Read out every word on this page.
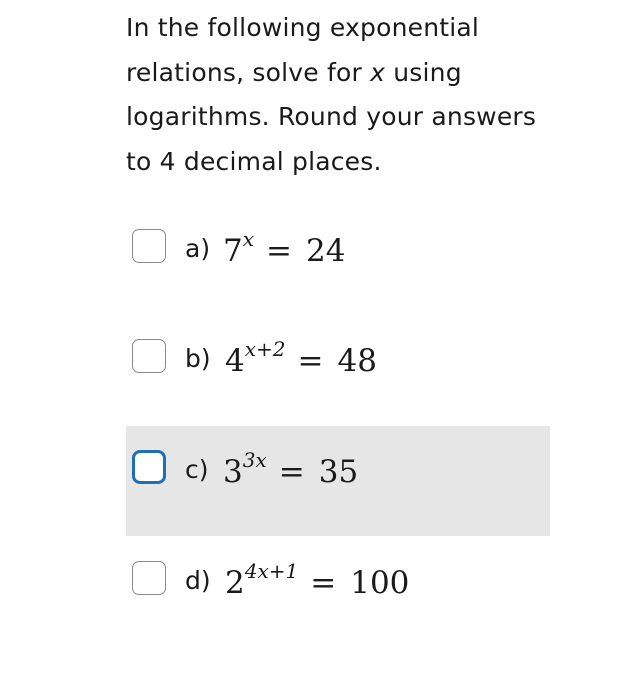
In the following exponential relations, solve for x using logarithms. Round your answers to 4 decimal places.
a) $7^x = 24$
b) $4^{x+2} = 48$
c) $3^{3x} = 35$
d) $2^{4x+1} = 100$
